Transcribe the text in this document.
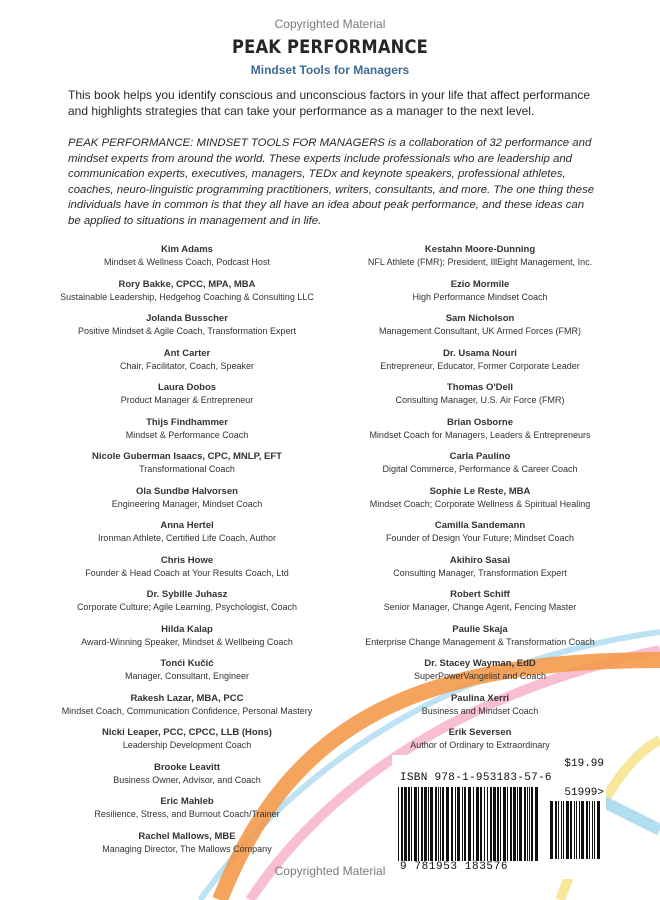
Copyrighted Material
PEAK PERFORMANCE
Mindset Tools for Managers
This book helps you identify conscious and unconscious factors in your life that affect performance and highlights strategies that can take your performance as a manager to the next level.
PEAK PERFORMANCE: MINDSET TOOLS FOR MANAGERS is a collaboration of 32 performance and mindset experts from around the world. These experts include professionals who are leadership and communication experts, executives, managers, TEDx and keynote speakers, professional athletes, coaches, neuro-linguistic programming practitioners, writers, consultants, and more. The one thing these individuals have in common is that they all have an idea about peak performance, and these ideas can be applied to situations in management and in life.
Kim Adams
Mindset & Wellness Coach, Podcast Host
Rory Bakke, CPCC, MPA, MBA
Sustainable Leadership, Hedgehog Coaching & Consulting LLC
Jolanda Busscher
Positive Mindset & Agile Coach, Transformation Expert
Ant Carter
Chair, Facilitator, Coach, Speaker
Laura Dobos
Product Manager & Entrepreneur
Thijs Findhammer
Mindset & Performance Coach
Nicole Guberman Isaacs, CPC, MNLP, EFT
Transformational Coach
Ola Sundbø Halvorsen
Engineering Manager, Mindset Coach
Anna Hertel
Ironman Athlete, Certified Life Coach, Author
Chris Howe
Founder & Head Coach at Your Results Coach, Ltd
Dr. Sybille Juhasz
Corporate Culture; Agile Learning, Psychologist, Coach
Hilda Kalap
Award-Winning Speaker, Mindset & Wellbeing Coach
Tonći Kučić
Manager, Consultant, Engineer
Rakesh Lazar, MBA, PCC
Mindset Coach, Communication Confidence, Personal Mastery
Nicki Leaper, PCC, CPCC, LLB (Hons)
Leadership Development Coach
Brooke Leavitt
Business Owner, Advisor, and Coach
Eric Mahleb
Resilience, Stress, and Burnout Coach/Trainer
Rachel Mallows, MBE
Managing Director, The Mallows Company
Kestahn Moore-Dunning
NFL Athlete (FMR); President, IllEight Management, Inc.
Ezio Mormile
High Performance Mindset Coach
Sam Nicholson
Management Consultant, UK Armed Forces (FMR)
Dr. Usama Nouri
Entrepreneur, Educator, Former Corporate Leader
Thomas O'Dell
Consulting Manager, U.S. Air Force (FMR)
Brian Osborne
Mindset Coach for Managers, Leaders & Entrepreneurs
Carla Paulino
Digital Commerce, Performance & Career Coach
Sophie Le Reste, MBA
Mindset Coach; Corporate Wellness & Spiritual Healing
Camilla Sandemann
Founder of Design Your Future; Mindset Coach
Akihiro Sasai
Consulting Manager, Transformation Expert
Robert Schiff
Senior Manager, Change Agent, Fencing Master
Paulie Skaja
Enterprise Change Management & Transformation Coach
Dr. Stacey Wayman, EdD
SuperPowerVangelist and Coach
Paulina Xerri
Business and Mindset Coach
Erik Seversen
Author of Ordinary to Extraordinary
$19.99
ISBN 978-1-953183-57-6
51999>
9 781953 183576
Copyrighted Material
